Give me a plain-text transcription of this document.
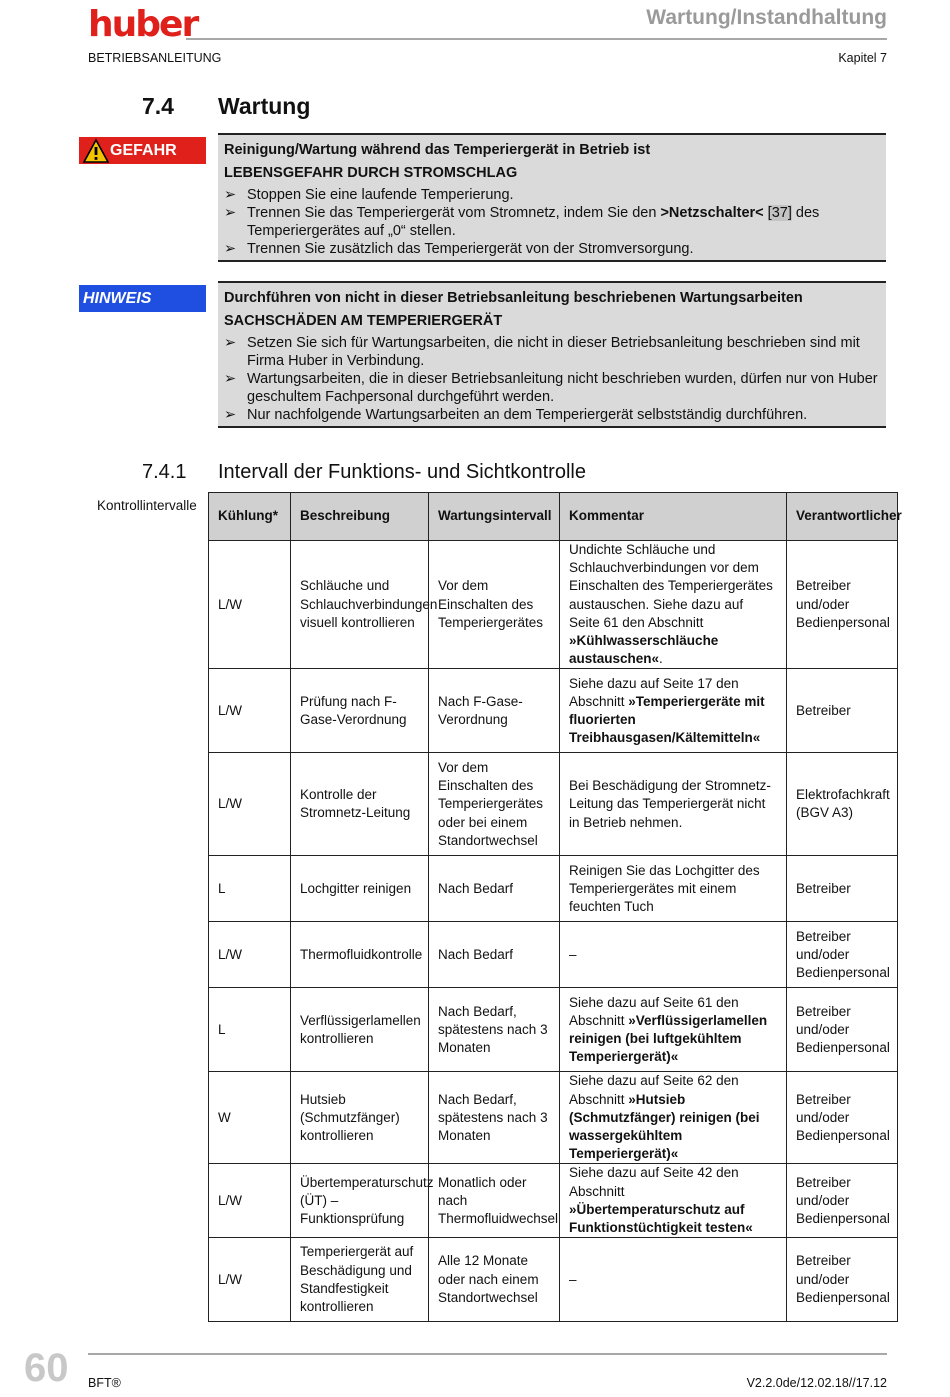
huber	Wartung/Instandhaltung
BETRIEBSANLEITUNG	Kapitel 7
7.4 Wartung
GEFAHR	Reinigung/Wartung während das Temperiergerät in Betrieb ist
LEBENSGEFAHR DURCH STROMSCHLAG
➢ Stoppen Sie eine laufende Temperierung.
➢ Trennen Sie das Temperiergerät vom Stromnetz, indem Sie den >Netzschalter< [37] des Temperiergerätes auf „0“ stellen.
➢ Trennen Sie zusätzlich das Temperiergerät von der Stromversorgung.
HINWEIS	Durchführen von nicht in dieser Betriebsanleitung beschriebenen Wartungsarbeiten
SACHSCHÄDEN AM TEMPERIERGERÄT
➢ Setzen Sie sich für Wartungsarbeiten, die nicht in dieser Betriebsanleitung beschrieben sind mit Firma Huber in Verbindung.
➢ Wartungsarbeiten, die in dieser Betriebsanleitung nicht beschrieben wurden, dürfen nur von Huber geschultem Fachpersonal durchgeführt werden.
➢ Nur nachfolgende Wartungsarbeiten an dem Temperiergerät selbstständig durchführen.
7.4.1 Intervall der Funktions- und Sichtkontrolle
Kontrollintervalle
Kühlung*	Beschreibung	Wartungsintervall	Kommentar	Verantwortlicher
L/W	Schläuche und Schlauchverbindungen visuell kontrollieren	Vor dem Einschalten des Temperiergerätes	Undichte Schläuche und Schlauchverbindungen vor dem Einschalten des Temperiergerätes austauschen. Siehe dazu auf Seite 61 den Abschnitt »Kühlwasserschläuche austauschen«.	Betreiber und/oder Bedienpersonal
L/W	Prüfung nach F-Gase-Verordnung	Nach F-Gase-Verordnung	Siehe dazu auf Seite 17 den Abschnitt »Temperiergeräte mit fluorierten Treibhausgasen/Kältemitteln«	Betreiber
L/W	Kontrolle der Stromnetz-Leitung	Vor dem Einschalten des Temperiergerätes oder bei einem Standortwechsel	Bei Beschädigung der Stromnetz-Leitung das Temperiergerät nicht in Betrieb nehmen.	Elektrofachkraft (BGV A3)
L	Lochgitter reinigen	Nach Bedarf	Reinigen Sie das Lochgitter des Temperiergerätes mit einem feuchten Tuch	Betreiber
L/W	Thermofluidkontrolle	Nach Bedarf	–	Betreiber und/oder Bedienpersonal
L	Verflüssigerlamellen kontrollieren	Nach Bedarf, spätestens nach 3 Monaten	Siehe dazu auf Seite 61 den Abschnitt »Verflüssigerlamellen reinigen (bei luftgekühltem Temperiergerät)«	Betreiber und/oder Bedienpersonal
W	Hutsieb (Schmutzfänger) kontrollieren	Nach Bedarf, spätestens nach 3 Monaten	Siehe dazu auf Seite 62 den Abschnitt »Hutsieb (Schmutzfänger) reinigen (bei wassergekühltem Temperiergerät)«	Betreiber und/oder Bedienpersonal
L/W	Übertemperaturschutz (ÜT) – Funktionsprüfung	Monatlich oder nach Thermofluidwechsel	Siehe dazu auf Seite 42 den Abschnitt »Übertemperaturschutz auf Funktionstüchtigkeit testen«	Betreiber und/oder Bedienpersonal
L/W	Temperiergerät auf Beschädigung und Standfestigkeit kontrollieren	Alle 12 Monate oder nach einem Standortwechsel	–	Betreiber und/oder Bedienpersonal
60 BFT®	V2.2.0de/12.02.18//17.12
